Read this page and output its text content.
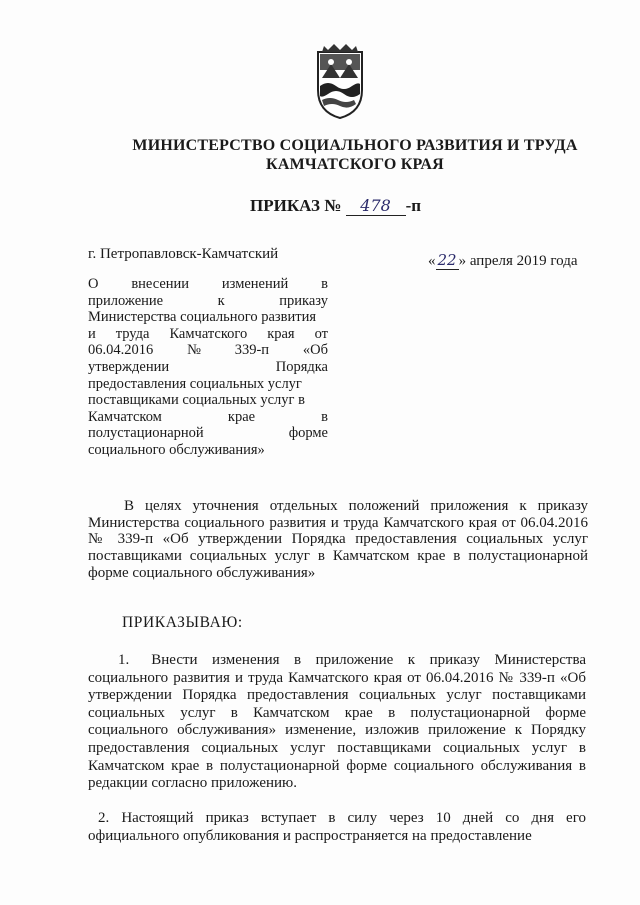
МИНИСТЕРСТВО СОЦИАЛЬНОГО РАЗВИТИЯ И ТРУДА
КАМЧАТСКОГО КРАЯ
ПРИКАЗ № 478 -п
г. Петропавловск-Камчатский	« 22 » апреля 2019 года
О внесении изменений в
приложение	к	приказу
Министерства социального развития
и труда Камчатского края от
06.04.2016 № 339-п «Об
утверждении	Порядка
предоставления социальных услуг
поставщиками социальных услуг в
Камчатском	крае	в
полустационарной	форме
социального обслуживания»

В целях уточнения отдельных положений приложения к приказу Министерства социального развития и труда Камчатского края от 06.04.2016 № 339-п «Об утверждении Порядка предоставления социальных услуг поставщиками социальных услуг в Камчатском крае в полустационарной форме социального обслуживания»

ПРИКАЗЫВАЮ:

1. Внести изменения в приложение к приказу Министерства социального развития и труда Камчатского края от 06.04.2016 № 339-п «Об утверждении Порядка предоставления социальных услуг поставщиками социальных услуг в Камчатском крае в полустационарной форме социального обслуживания» изменение, изложив приложение к Порядку предоставления социальных услуг поставщиками социальных услуг в Камчатском крае в полустационарной форме социального обслуживания в редакции согласно приложению.

2. Настоящий приказ вступает в силу через 10 дней со дня его официального опубликования и распространяется на предоставление
